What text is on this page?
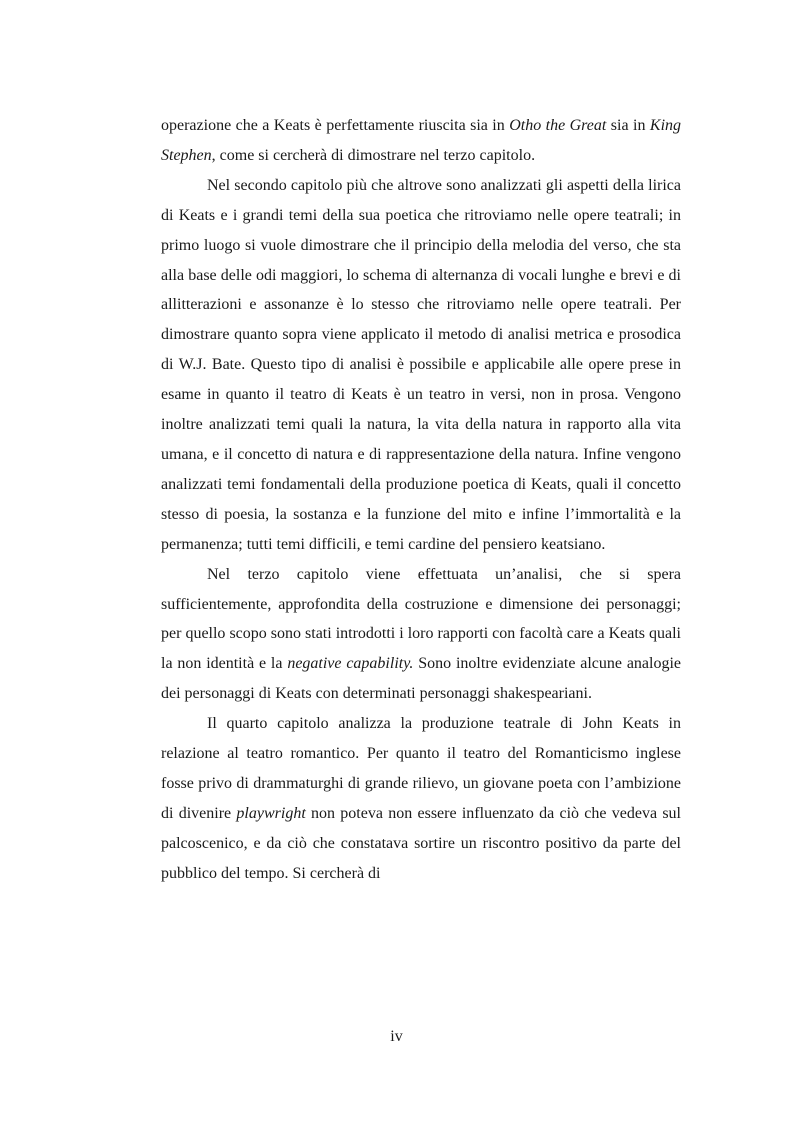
operazione che a Keats è perfettamente riuscita sia in Otho the Great sia in King Stephen, come si cercherà di dimostrare nel terzo capitolo.

Nel secondo capitolo più che altrove sono analizzati gli aspetti della lirica di Keats e i grandi temi della sua poetica che ritroviamo nelle opere teatrali; in primo luogo si vuole dimostrare che il principio della melodia del verso, che sta alla base delle odi maggiori, lo schema di alternanza di vocali lunghe e brevi e di allitterazioni e assonanze è lo stesso che ritroviamo nelle opere teatrali. Per dimostrare quanto sopra viene applicato il metodo di analisi metrica e prosodica di W.J. Bate. Questo tipo di analisi è possibile e applicabile alle opere prese in esame in quanto il teatro di Keats è un teatro in versi, non in prosa. Vengono inoltre analizzati temi quali la natura, la vita della natura in rapporto alla vita umana, e il concetto di natura e di rappresentazione della natura. Infine vengono analizzati temi fondamentali della produzione poetica di Keats, quali il concetto stesso di poesia, la sostanza e la funzione del mito e infine l’immortalità e la permanenza; tutti temi difficili, e temi cardine del pensiero keatsiano.

Nel terzo capitolo viene effettuata un’analisi, che si spera sufficientemente, approfondita della costruzione e dimensione dei personaggi; per quello scopo sono stati introdotti i loro rapporti con facoltà care a Keats quali la non identità e la negative capability. Sono inoltre evidenziate alcune analogie dei personaggi di Keats con determinati personaggi shakespeariani.

Il quarto capitolo analizza la produzione teatrale di John Keats in relazione al teatro romantico. Per quanto il teatro del Romanticismo inglese fosse privo di drammaturghi di grande rilievo, un giovane poeta con l’ambizione di divenire playwright non poteva non essere influenzato da ciò che vedeva sul palcoscenico, e da ciò che constatava sortire un riscontro positivo da parte del pubblico del tempo. Si cercherà di

iv
